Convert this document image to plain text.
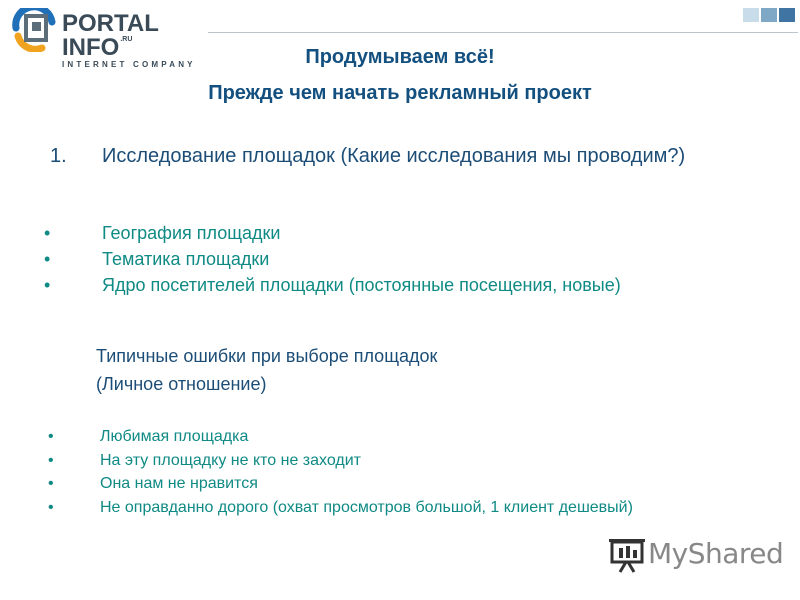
PORTAL $INFO^{.RU}$
INTERNET COMPANY	Продумываем всё!
Прежде чем начать рекламный проект
1. Исследование площадок (Какие исследования мы проводим?)
•	География площадки
•	Тематика площадки
•	Ядро посетителей площадки (постоянные посещения, новые)
Типичные ошибки при выборе площадок
(Личное отношение)
•	Любимая площадка
•	На эту площадку не кто не заходит
•	Она нам не нравится
•	Не оправданно дорого (охват просмотров большой, 1 клиент дешевый)
MyShared
